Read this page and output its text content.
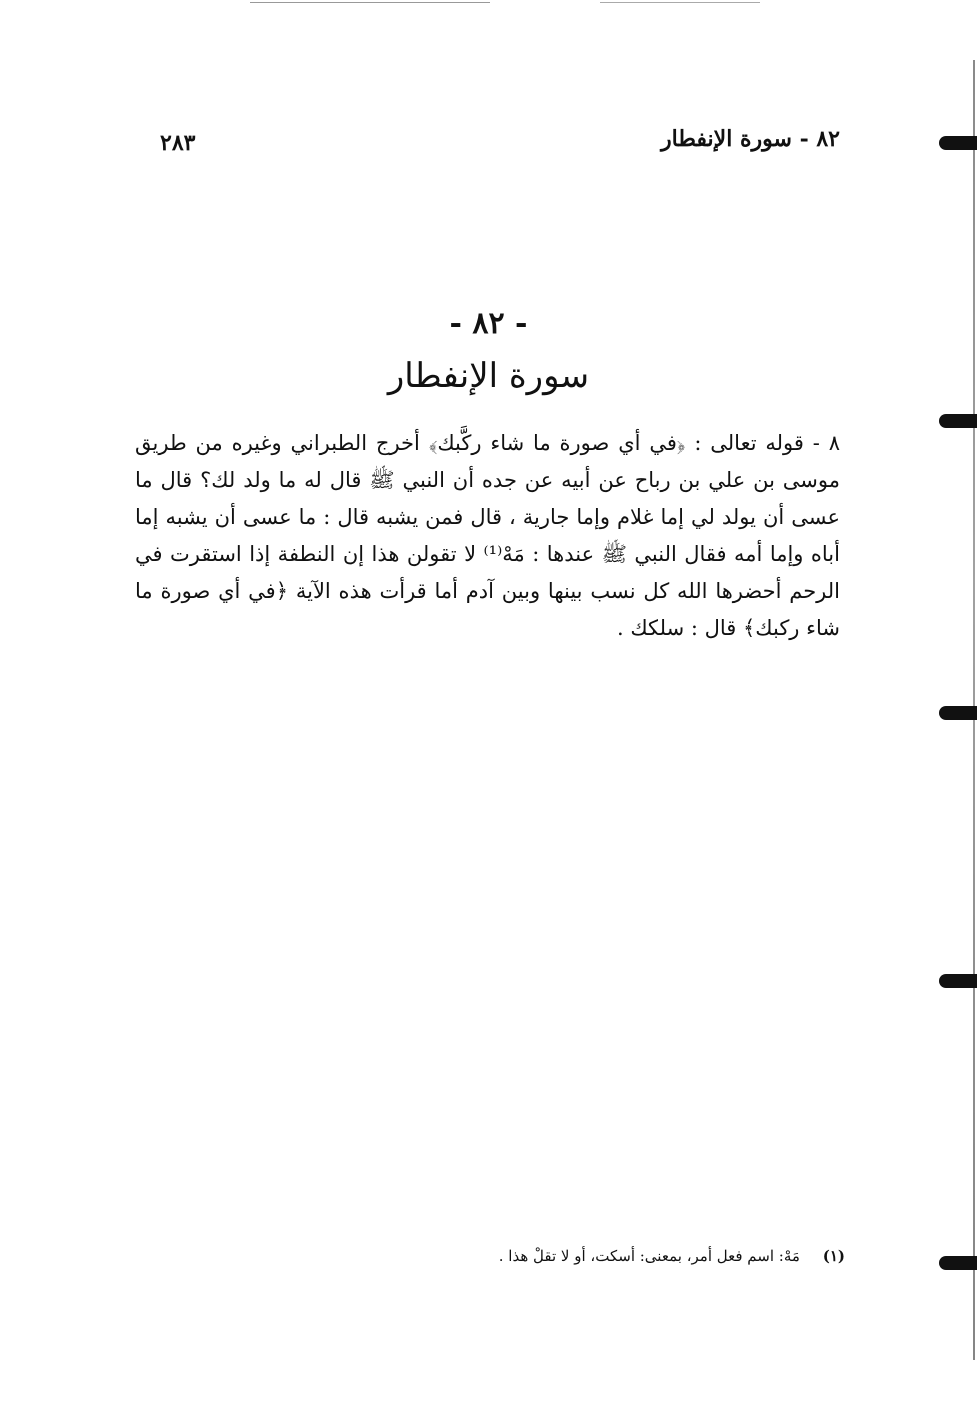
٨٢ - سورة الإنفطار
٢٨٣
- ٨٢ -
سورة الإنفطار

٨ - قوله تعالى : ﴿في أي صورة ما شاء ركَّبك﴾ أخرج الطبراني وغيره من طريق موسى بن علي بن رباح عن أبيه عن جده أن النبي ﷺ قال له ما ولد لك؟ قال ما عسى أن يولد لي إما غلام وإما جارية ، قال فمن يشبه قال : ما عسى أن يشبه إما أباه وإما أمه فقال النبي ﷺ عندها : مَهْ⁽¹⁾ لا تقولن هذا إن النطفة إذا استقرت في الرحم أحضرها الله كل نسب بينها وبين آدم أما قرأت هذه الآية ﴿في أي صورة ما شاء ركبك﴾ قال : سلكك .

(١) مَهْ: اسم فعل أمر، بمعنى: أسكت، أو لا تقلْ هذا .
